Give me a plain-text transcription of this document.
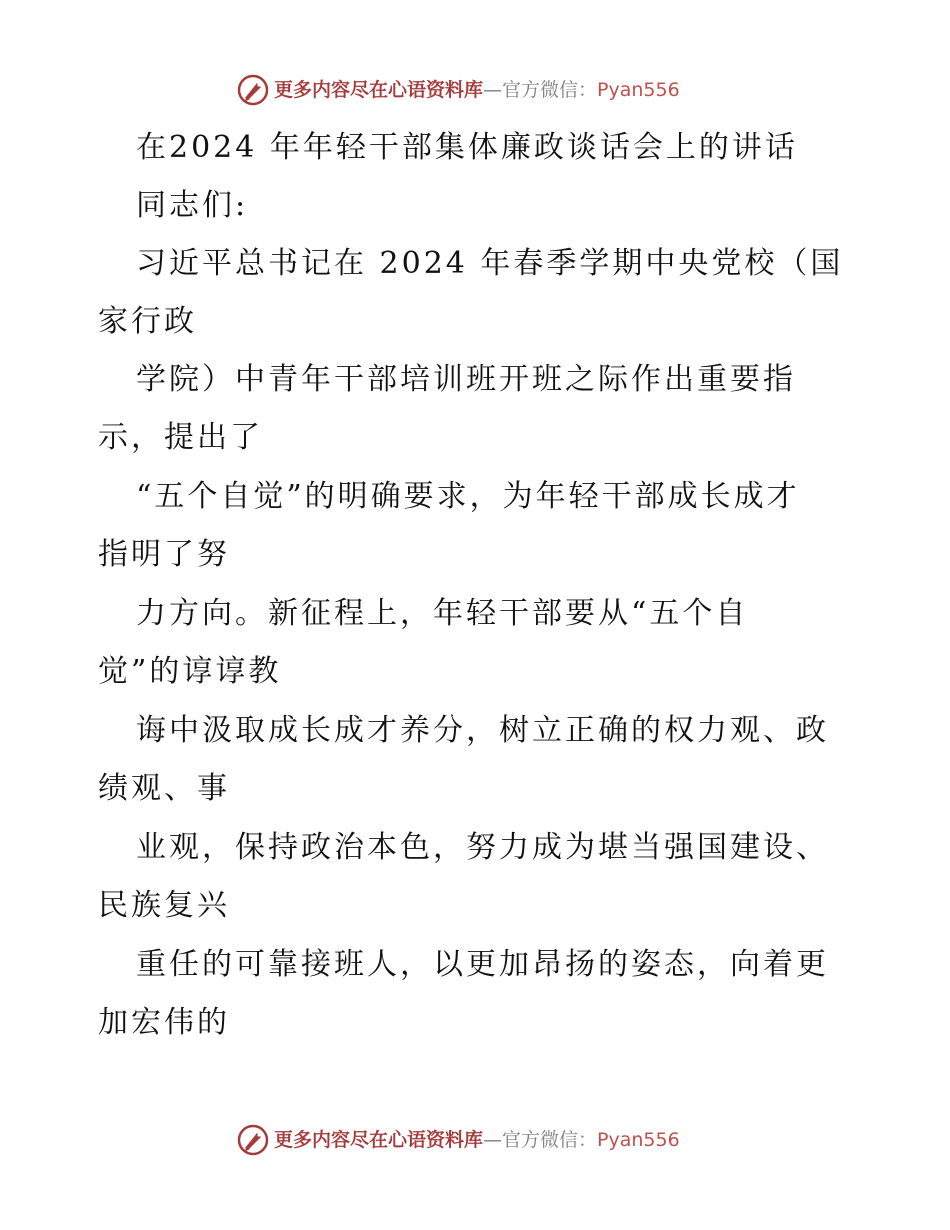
更多内容尽在心语资料库 —官方微信： Pyan556
在2024 年年轻干部集体廉政谈话会上的讲话
同志们:
习近平总书记在 2024 年春季学期中央党校（国
家行政
学院）中青年干部培训班开班之际作出重要指
示，提出了
“五个自觉”的明确要求，为年轻干部成长成才
指明了努
力方向。新征程上，年轻干部要从“五个自
觉”的谆谆教
诲中汲取成长成才养分，树立正确的权力观、政
绩观、事
业观，保持政治本色，努力成为堪当强国建设、
民族复兴
重任的可靠接班人，以更加昂扬的姿态，向着更
加宏伟的
更多内容尽在心语资料库 —官方微信： Pyan556
